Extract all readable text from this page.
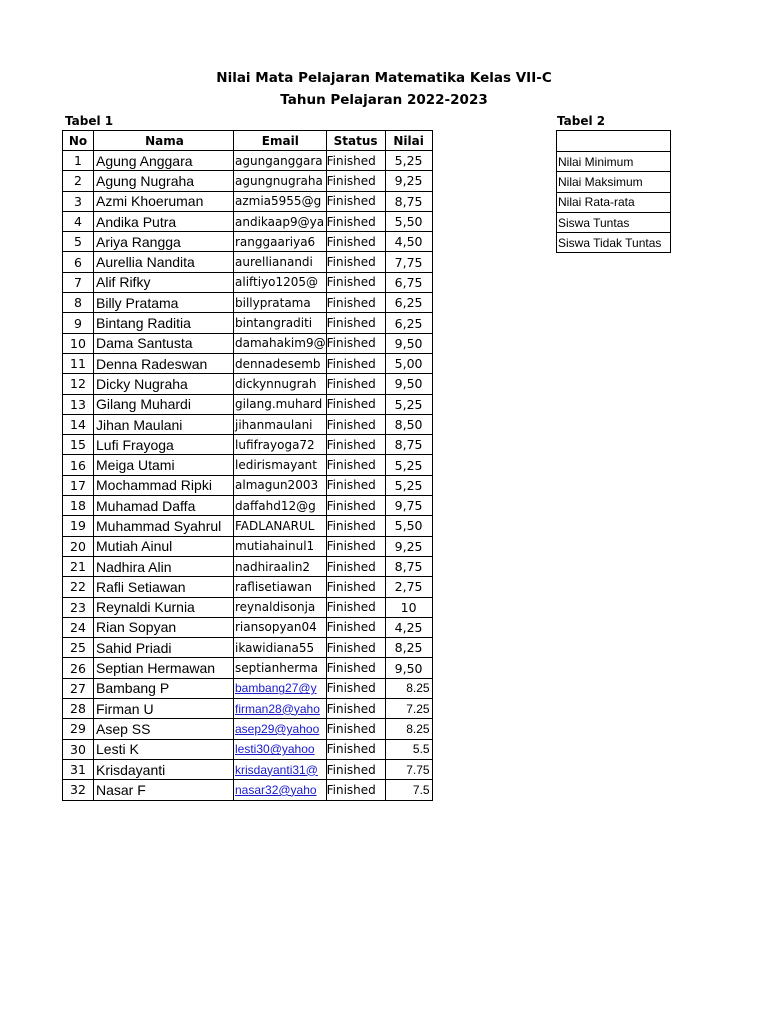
Nilai Mata Pelajaran Matematika Kelas VII-C
Tahun Pelajaran 2022-2023
Tabel 1	Tabel 2
No	Nama	Email	Status	Nilai
1	Agung Anggara	agunganggara	Finished	5,25
2	Agung Nugraha	agungnugraha	Finished	9,25
3	Azmi Khoeruman	azmia5955@g	Finished	8,75
4	Andika Putra	andikaap9@ya	Finished	5,50
5	Ariya Rangga	ranggaariya6	Finished	4,50
6	Aurellia Nandita	aurellianandi	Finished	7,75
7	Alif Rifky	aliftiyo1205@	Finished	6,75
8	Billy Pratama	billypratama	Finished	6,25
9	Bintang Raditia	bintangraditi	Finished	6,25
10	Dama Santusta	damahakim9@	Finished	9,50
11	Denna Radeswan	dennadesemb	Finished	5,00
12	Dicky Nugraha	dickynnugrah	Finished	9,50
13	Gilang Muhardi	gilang.muhard	Finished	5,25
14	Jihan Maulani	jihanmaulani	Finished	8,50
15	Lufi Frayoga	lufifrayoga72	Finished	8,75
16	Meiga Utami	ledirismayant	Finished	5,25
17	Mochammad Ripki	almagun2003	Finished	5,25
18	Muhamad Daffa	daffahd12@g	Finished	9,75
19	Muhammad Syahrul	FADLANARUL	Finished	5,50
20	Mutiah Ainul	mutiahainul1	Finished	9,25
21	Nadhira Alin	nadhiraalin2	Finished	8,75
22	Rafli Setiawan	raflisetiawan	Finished	2,75
23	Reynaldi Kurnia	reynaldisonja	Finished	10
24	Rian Sopyan	riansopyan04	Finished	4,25
25	Sahid Priadi	ikawidiana55	Finished	8,25
26	Septian Hermawan	septianherma	Finished	9,50
27	Bambang P	bambang27@y	Finished	8.25
28	Firman U	firman28@yaho	Finished	7.25
29	Asep SS	asep29@yahoo	Finished	8.25
30	Lesti K	lesti30@yahoo	Finished	5.5
31	Krisdayanti	krisdayanti31@	Finished	7.75
32	Nasar F	nasar32@yaho	Finished	7.5

Nilai Minimum
Nilai Maksimum
Nilai Rata-rata
Siswa Tuntas
Siswa Tidak Tuntas
